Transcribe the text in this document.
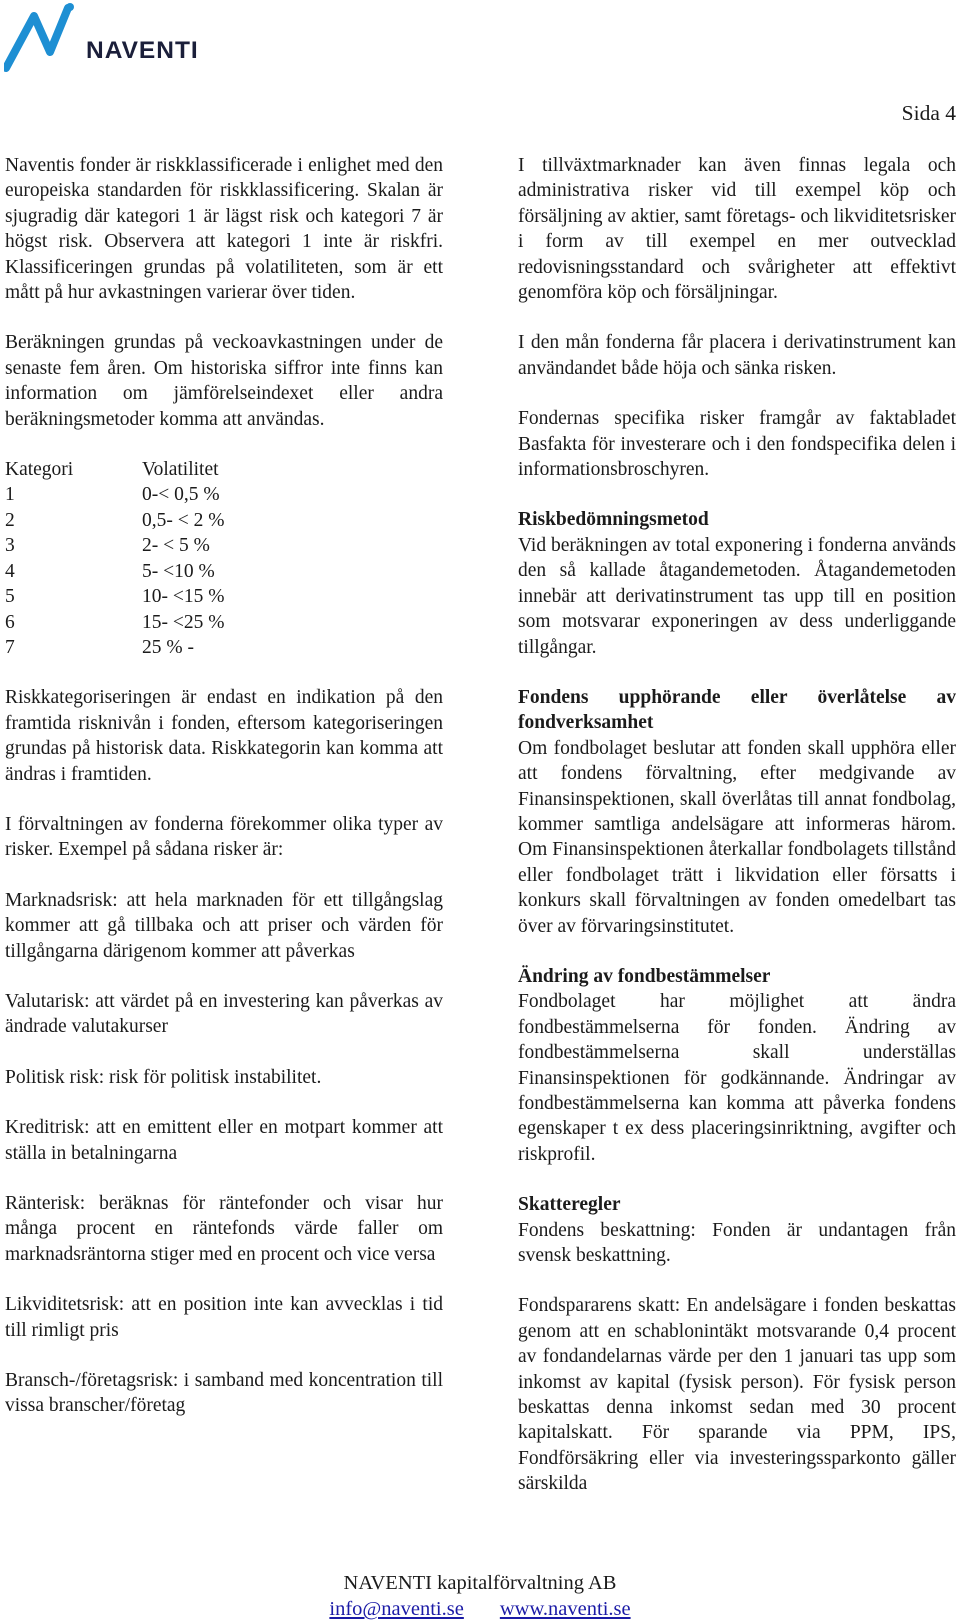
NAVENTI
Sida 4

Naventis fonder är riskklassificerade i enlighet med den europeiska standarden för riskklassificering. Skalan är sjugradig där kategori 1 är lägst risk och kategori 7 är högst risk. Observera att kategori 1 inte är riskfri. Klassificeringen grundas på volatiliteten, som är ett mått på hur avkastningen varierar över tiden.

Beräkningen grundas på veckoavkastningen under de senaste fem åren. Om historiska siffror inte finns kan information om jämförelseindexet eller andra beräkningsmetoder komma att användas.

Kategori	Volatilitet
1	0-< 0,5 %
2	0,5- < 2 %
3	2- < 5 %
4	5- <10 %
5	10- <15 %
6	15- <25 %
7	25 % -

Riskkategoriseringen är endast en indikation på den framtida risknivån i fonden, eftersom kategoriseringen grundas på historisk data. Riskkategorin kan komma att ändras i framtiden.

I förvaltningen av fonderna förekommer olika typer av risker. Exempel på sådana risker är:

Marknadsrisk: att hela marknaden för ett tillgångslag kommer att gå tillbaka och att priser och värden för tillgångarna därigenom kommer att påverkas

Valutarisk: att värdet på en investering kan påverkas av ändrade valutakurser

Politisk risk: risk för politisk instabilitet.

Kreditrisk: att en emittent eller en motpart kommer att ställa in betalningarna

Ränterisk: beräknas för räntefonder och visar hur många procent en räntefonds värde faller om marknadsräntorna stiger med en procent och vice versa

Likviditetsrisk: att en position inte kan avvecklas i tid till rimligt pris

Bransch-/företagsrisk: i samband med koncentration till vissa branscher/företag

I tillväxtmarknader kan även finnas legala och administrativa risker vid till exempel köp och försäljning av aktier, samt företags- och likviditetsrisker i form av till exempel en mer outvecklad redovisningsstandard och svårigheter att effektivt genomföra köp och försäljningar.

I den mån fonderna får placera i derivatinstrument kan användandet både höja och sänka risken.

Fondernas specifika risker framgår av faktabladet Basfakta för investerare och i den fondspecifika delen i informationsbroschyren.

Riskbedömningsmetod

Vid beräkningen av total exponering i fonderna används den så kallade åtagandemetoden. Åtagandemetoden innebär att derivatinstrument tas upp till en position som motsvarar exponeringen av dess underliggande tillgångar.

Fondens upphörande eller överlåtelse av fondverksamhet

Om fondbolaget beslutar att fonden skall upphöra eller att fondens förvaltning, efter medgivande av Finansinspektionen, skall överlåtas till annat fondbolag, kommer samtliga andelsägare att informeras härom. Om Finansinspektionen återkallar fondbolagets tillstånd eller fondbolaget trätt i likvidation eller försatts i konkurs skall förvaltningen av fonden omedelbart tas över av förvaringsinstitutet.

Ändring av fondbestämmelser

Fondbolaget har möjlighet att ändra fondbestämmelserna för fonden. Ändring av fondbestämmelserna skall underställas Finansinspektionen för godkännande. Ändringar av fondbestämmelserna kan komma att påverka fondens egenskaper t ex dess placeringsinriktning, avgifter och riskprofil.

Skatteregler

Fondens beskattning: Fonden är undantagen från svensk beskattning.

Fondspararens skatt: En andelsägare i fonden beskattas genom att en schablonintäkt motsvarande 0,4 procent av fondandelarnas värde per den 1 januari tas upp som inkomst av kapital (fysisk person). För fysisk person beskattas denna inkomst sedan med 30 procent kapitalskatt. För sparande via PPM, IPS, Fondförsäkring eller via investeringssparkonto gäller särskilda

NAVENTI kapitalförvaltning AB
info@naventi.se www.naventi.se
